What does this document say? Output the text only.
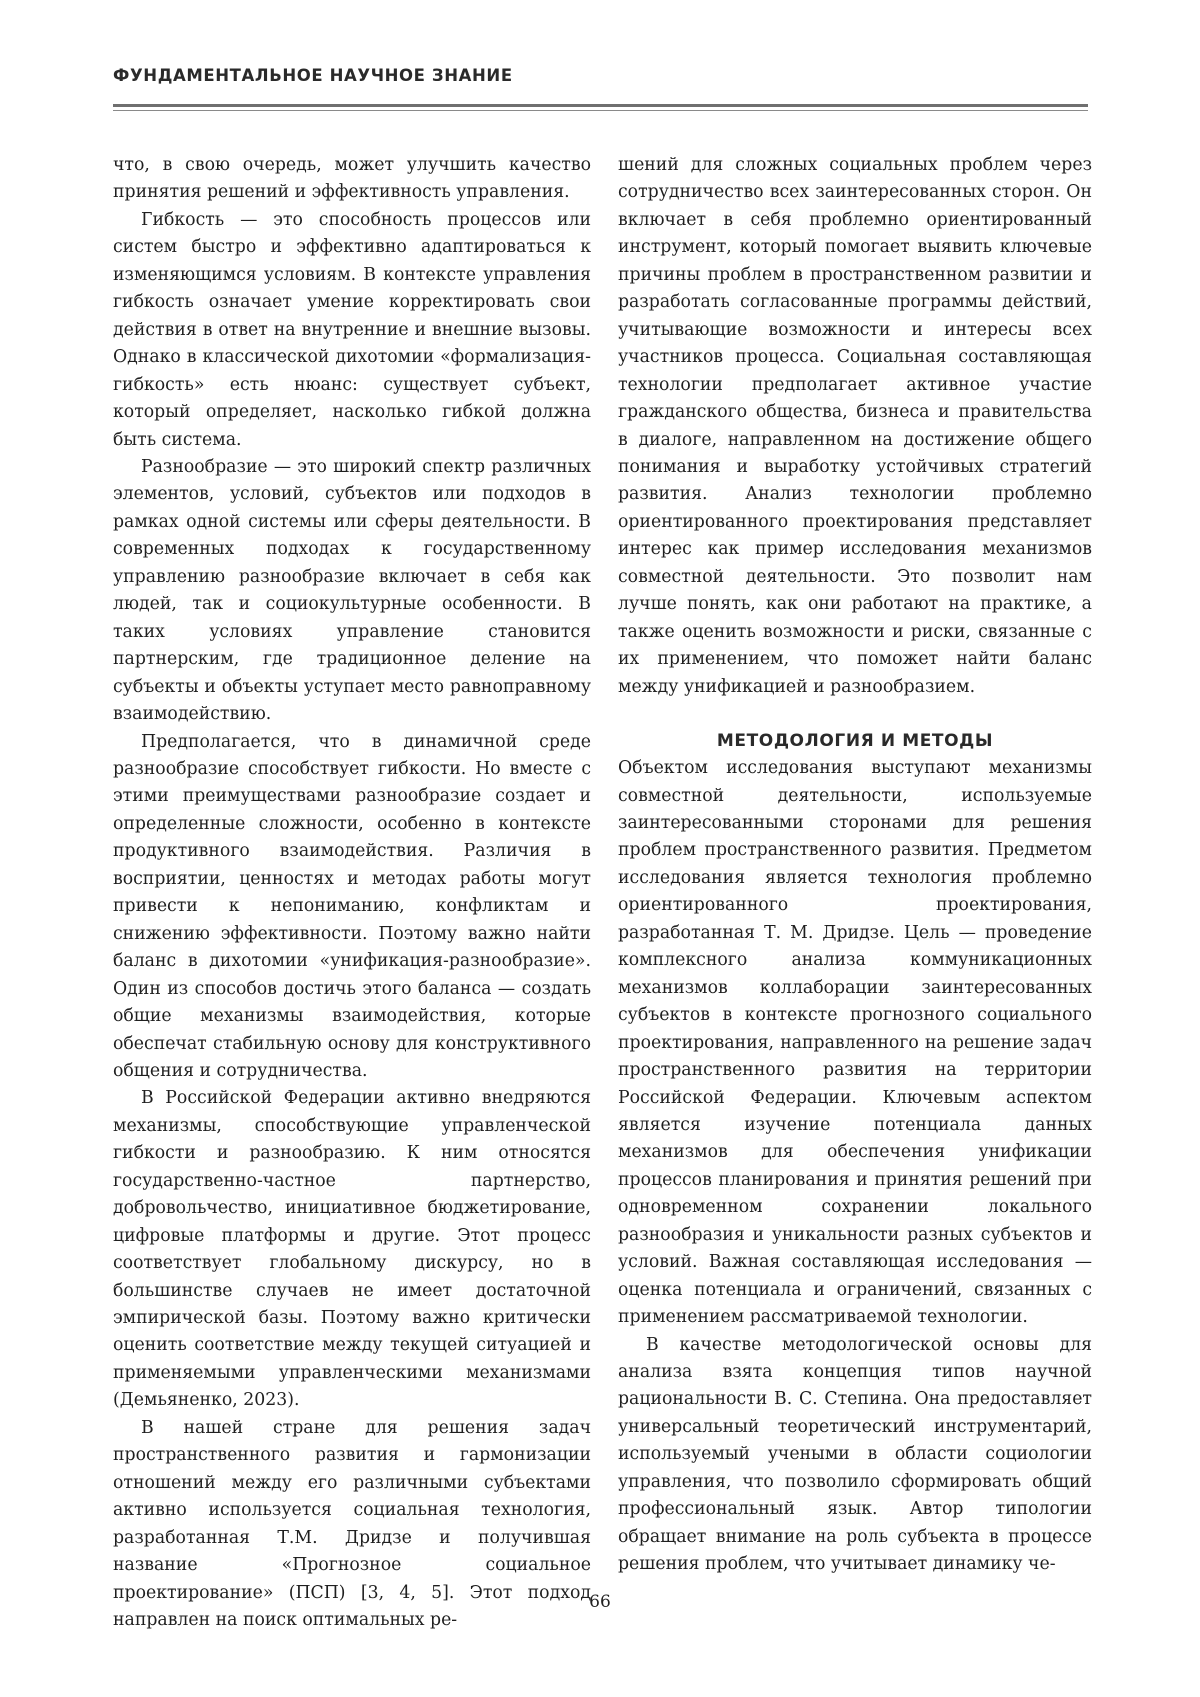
ФУНДАМЕНТАЛЬНОЕ НАУЧНОЕ ЗНАНИЕ

что, в свою очередь, может улучшить качество принятия решений и эффективность управления.

Гибкость — это способность процессов или систем быстро и эффективно адаптироваться к изменяющимся условиям. В контексте управления гибкость означает умение корректировать свои действия в ответ на внутренние и внешние вызовы. Однако в классической дихотомии «формализация-гибкость» есть нюанс: существует субъект, который определяет, насколько гибкой должна быть система.

Разнообразие — это широкий спектр различных элементов, условий, субъектов или подходов в рамках одной системы или сферы деятельности. В современных подходах к государственному управлению разнообразие включает в себя как людей, так и социокультурные особенности. В таких условиях управление становится партнерским, где традиционное деление на субъекты и объекты уступает место равноправному взаимодействию.

Предполагается, что в динамичной среде разнообразие способствует гибкости. Но вместе с этими преимуществами разнообразие создает и определенные сложности, особенно в контексте продуктивного взаимодействия. Различия в восприятии, ценностях и методах работы могут привести к непониманию, конфликтам и снижению эффективности. Поэтому важно найти баланс в дихотомии «унификация-разнообразие». Один из способов достичь этого баланса — создать общие механизмы взаимодействия, которые обеспечат стабильную основу для конструктивного общения и сотрудничества.

В Российской Федерации активно внедряются механизмы, способствующие управленческой гибкости и разнообразию. К ним относятся государственно-частное партнерство, добровольчество, инициативное бюджетирование, цифровые платформы и другие. Этот процесс соответствует глобальному дискурсу, но в большинстве случаев не имеет достаточной эмпирической базы. Поэтому важно критически оценить соответствие между текущей ситуацией и применяемыми управленческими механизмами (Демьяненко, 2023).

В нашей стране для решения задач пространственного развития и гармонизации отношений между его различными субъектами активно используется социальная технология, разработанная Т.М. Дридзе и получившая название «Прогнозное социальное проектирование» (ПСП) [3, 4, 5]. Этот подход направлен на поиск оптимальных ре-

шений для сложных социальных проблем через сотрудничество всех заинтересованных сторон. Он включает в себя проблемно ориентированный инструмент, который помогает выявить ключевые причины проблем в пространственном развитии и разработать согласованные программы действий, учитывающие возможности и интересы всех участников процесса. Социальная составляющая технологии предполагает активное участие гражданского общества, бизнеса и правительства в диалоге, направленном на достижение общего понимания и выработку устойчивых стратегий развития. Анализ технологии проблемно ориентированного проектирования представляет интерес как пример исследования механизмов совместной деятельности. Это позволит нам лучше понять, как они работают на практике, а также оценить возможности и риски, связанные с их применением, что поможет найти баланс между унификацией и разнообразием.

МЕТОДОЛОГИЯ И МЕТОДЫ

Объектом исследования выступают механизмы совместной деятельности, используемые заинтересованными сторонами для решения проблем пространственного развития. Предметом исследования является технология проблемно ориентированного проектирования, разработанная Т. М. Дридзе. Цель — проведение комплексного анализа коммуникационных механизмов коллаборации заинтересованных субъектов в контексте прогнозного социального проектирования, направленного на решение задач пространственного развития на территории Российской Федерации. Ключевым аспектом является изучение потенциала данных механизмов для обеспечения унификации процессов планирования и принятия решений при одновременном сохранении локального разнообразия и уникальности разных субъектов и условий. Важная составляющая исследования — оценка потенциала и ограничений, связанных с применением рассматриваемой технологии.

В качестве методологической основы для анализа взята концепция типов научной рациональности В. С. Степина. Она предоставляет универсальный теоретический инструментарий, используемый учеными в области социологии управления, что позволило сформировать общий профессиональный язык. Автор типологии обращает внимание на роль субъекта в процессе решения проблем, что учитывает динамику че-

66
